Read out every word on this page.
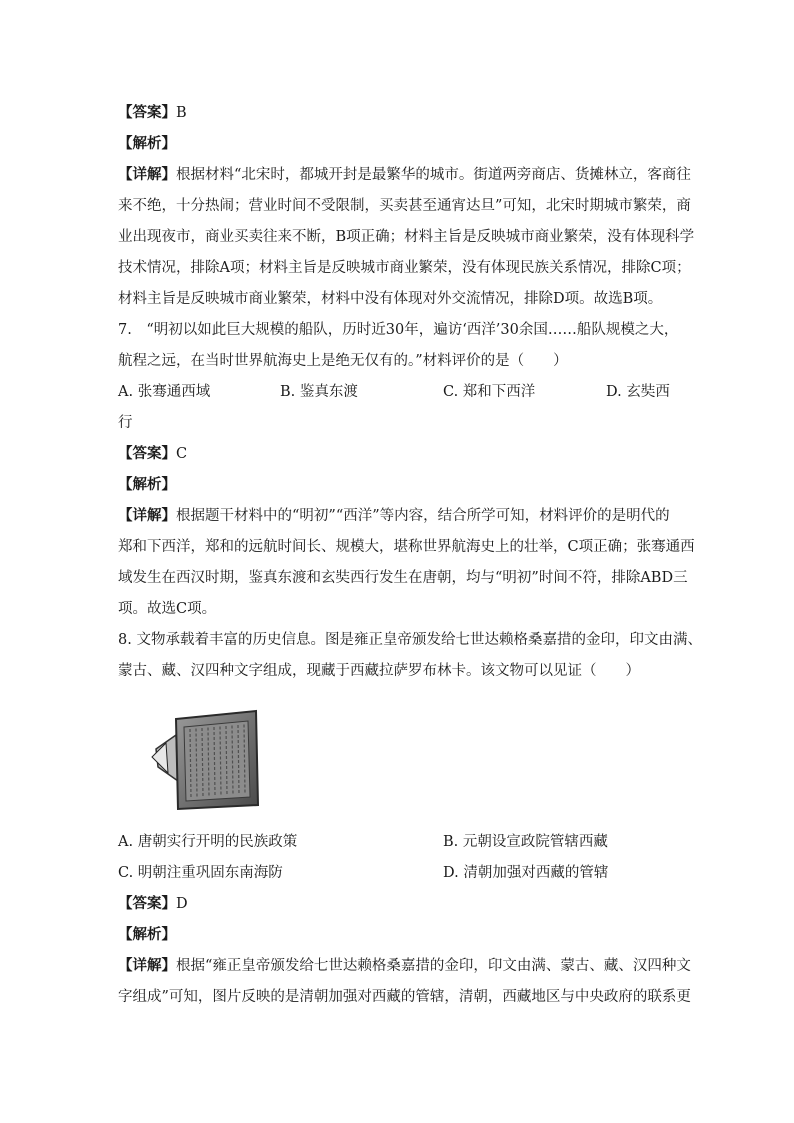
【答案】B
【解析】
【详解】根据材料“北宋时，都城开封是最繁华的城市。街道两旁商店、货摊林立，客商往
来不绝，十分热闹；营业时间不受限制，买卖甚至通宵达旦”可知，北宋时期城市繁荣，商
业出现夜市，商业买卖往来不断，B项正确；材料主旨是反映城市商业繁荣，没有体现科学
技术情况，排除A项；材料主旨是反映城市商业繁荣，没有体现民族关系情况，排除C项；
材料主旨是反映城市商业繁荣，材料中没有体现对外交流情况，排除D项。故选B项。
7.　“明初以如此巨大规模的船队，历时近30年，遍访‘西洋’30余国……船队规模之大，
航程之远，在当时世界航海史上是绝无仅有的。”材料评价的是（　　）
A. 张骞通西域	B. 鉴真东渡	C. 郑和下西洋	D. 玄奘西
行
【答案】C
【解析】
【详解】根据题干材料中的“明初”“西洋”等内容，结合所学可知，材料评价的是明代的
郑和下西洋，郑和的远航时间长、规模大，堪称世界航海史上的壮举，C项正确；张骞通西
域发生在西汉时期，鉴真东渡和玄奘西行发生在唐朝，均与“明初”时间不符，排除ABD三
项。故选C项。
8. 文物承载着丰富的历史信息。图是雍正皇帝颁发给七世达赖格桑嘉措的金印，印文由满、
蒙古、藏、汉四种文字组成，现藏于西藏拉萨罗布林卡。该文物可以见证（　　）
A. 唐朝实行开明的民族政策	B. 元朝设宣政院管辖西藏
C. 明朝注重巩固东南海防	D. 清朝加强对西藏的管辖
【答案】D
【解析】
【详解】根据“雍正皇帝颁发给七世达赖格桑嘉措的金印，印文由满、蒙古、藏、汉四种文
字组成”可知，图片反映的是清朝加强对西藏的管辖，清朝，西藏地区与中央政府的联系更
